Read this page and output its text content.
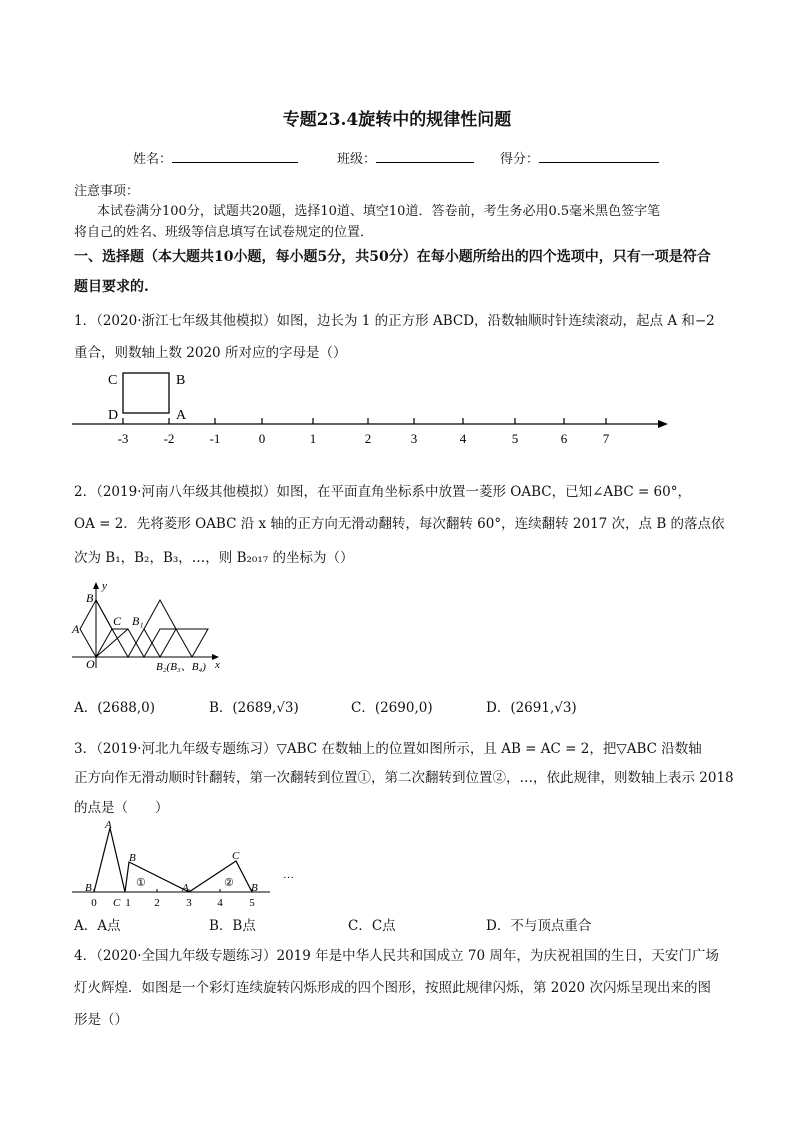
专题23.4旋转中的规律性问题
姓名：	班级：	得分：
注意事项：
本试卷满分100分，试题共20题，选择10道、填空10道．答卷前，考生务必用0.5毫米黑色签字笔
将自己的姓名、班级等信息填写在试卷规定的位置．
一、选择题（本大题共10小题，每小题5分，共50分）在每小题所给出的四个选项中，只有一项是符合
题目要求的.
1．（2020·浙江七年级其他模拟）如图，边长为 1 的正方形 ABCD，沿数轴顺时针连续滚动，起点 A 和−2
重合，则数轴上数 2020 所对应的字母是（）
C	B
D	A
-3	-2	-1	0	1	2	3	4	5	6	7
2．（2019·河南八年级其他模拟）如图，在平面直角坐标系中放置一菱形 OABC，已知∠ABC = 60°，
OA = 2．先将菱形 OABC 沿 x 轴的正方向无滑动翻转，每次翻转 60°，连续翻转 2017 次，点 B 的落点依
次为 B₁，B₂，B₃，…，则 B₂₀₁₇ 的坐标为（）
y
B
A
C B₁
O	B₂(B₃、B₄) x
A．(2688,0)	B．(2689,√3)	C．(2690,0)	D．(2691,√3)
3．（2019·河北九年级专题练习）▽ABC 在数轴上的位置如图所示，且 AB = AC = 2，把▽ABC 沿数轴
正方向作无滑动顺时针翻转，第一次翻转到位置①，第二次翻转到位置②，…，依此规律，则数轴上表示 2018
的点是（　　）
A
B
B
C
A
C
B
①	②
…
0	1 2 3 4 5
A．A点	B．B点	C．C点	D．不与顶点重合
4．（2020·全国九年级专题练习）2019 年是中华人民共和国成立 70 周年，为庆祝祖国的生日，天安门广场
灯火辉煌．如图是一个彩灯连续旋转闪烁形成的四个图形，按照此规律闪烁，第 2020 次闪烁呈现出来的图
形是（）
